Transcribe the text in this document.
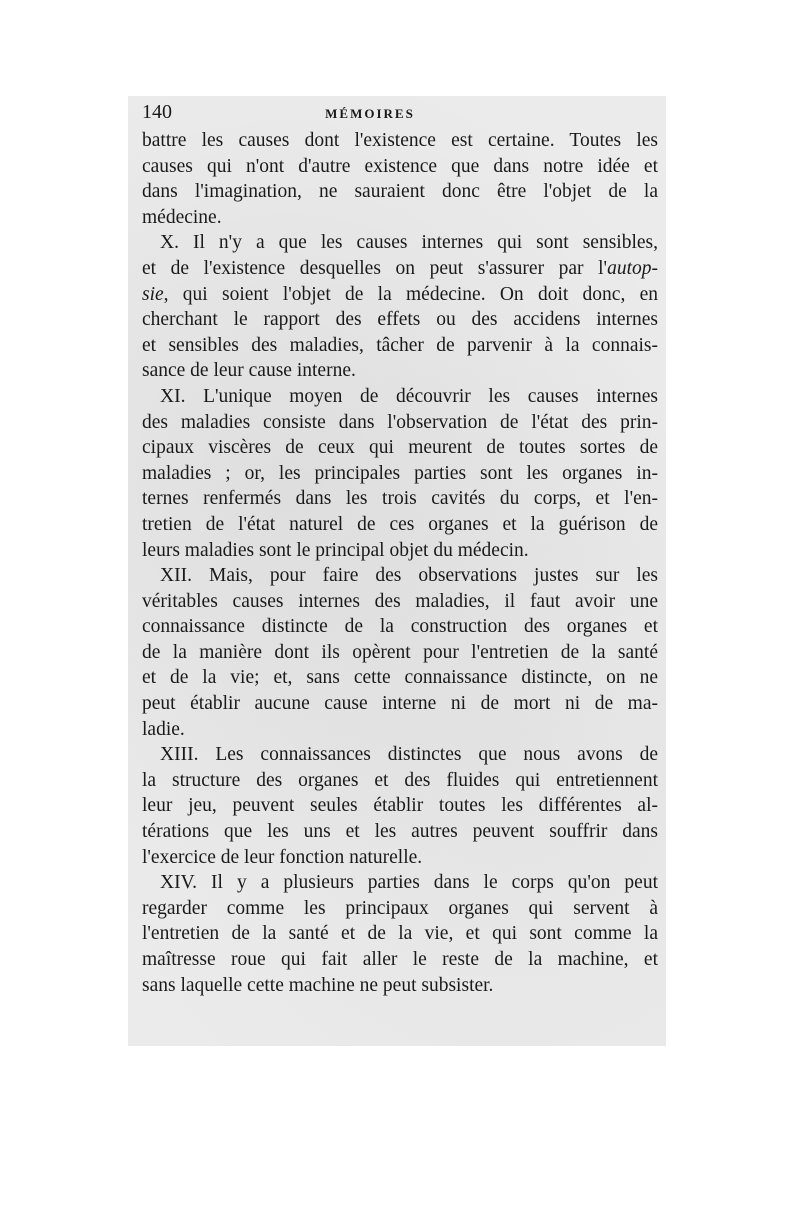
140	MÉMOIRES
battre les causes dont l'existence est certaine. Toutes les
causes qui n'ont d'autre existence que dans notre idée et
dans l'imagination, ne sauraient donc être l'objet de la
médecine.
X. Il n'y a que les causes internes qui sont sensibles,
et de l'existence desquelles on peut s'assurer par l'autop-
sie, qui soient l'objet de la médecine. On doit donc, en
cherchant le rapport des effets ou des accidens internes
et sensibles des maladies, tâcher de parvenir à la connais-
sance de leur cause interne.
XI. L'unique moyen de découvrir les causes internes
des maladies consiste dans l'observation de l'état des prin-
cipaux viscères de ceux qui meurent de toutes sortes de
maladies ; or, les principales parties sont les organes in-
ternes renfermés dans les trois cavités du corps, et l'en-
tretien de l'état naturel de ces organes et la guérison de
leurs maladies sont le principal objet du médecin.
XII. Mais, pour faire des observations justes sur les
véritables causes internes des maladies, il faut avoir une
connaissance distincte de la construction des organes et
de la manière dont ils opèrent pour l'entretien de la santé
et de la vie; et, sans cette connaissance distincte, on ne
peut établir aucune cause interne ni de mort ni de ma-
ladie.
XIII. Les connaissances distinctes que nous avons de
la structure des organes et des fluides qui entretiennent
leur jeu, peuvent seules établir toutes les différentes al-
térations que les uns et les autres peuvent souffrir dans
l'exercice de leur fonction naturelle.
XIV. Il y a plusieurs parties dans le corps qu'on peut
regarder comme les principaux organes qui servent à
l'entretien de la santé et de la vie, et qui sont comme la
maîtresse roue qui fait aller le reste de la machine, et
sans laquelle cette machine ne peut subsister.
